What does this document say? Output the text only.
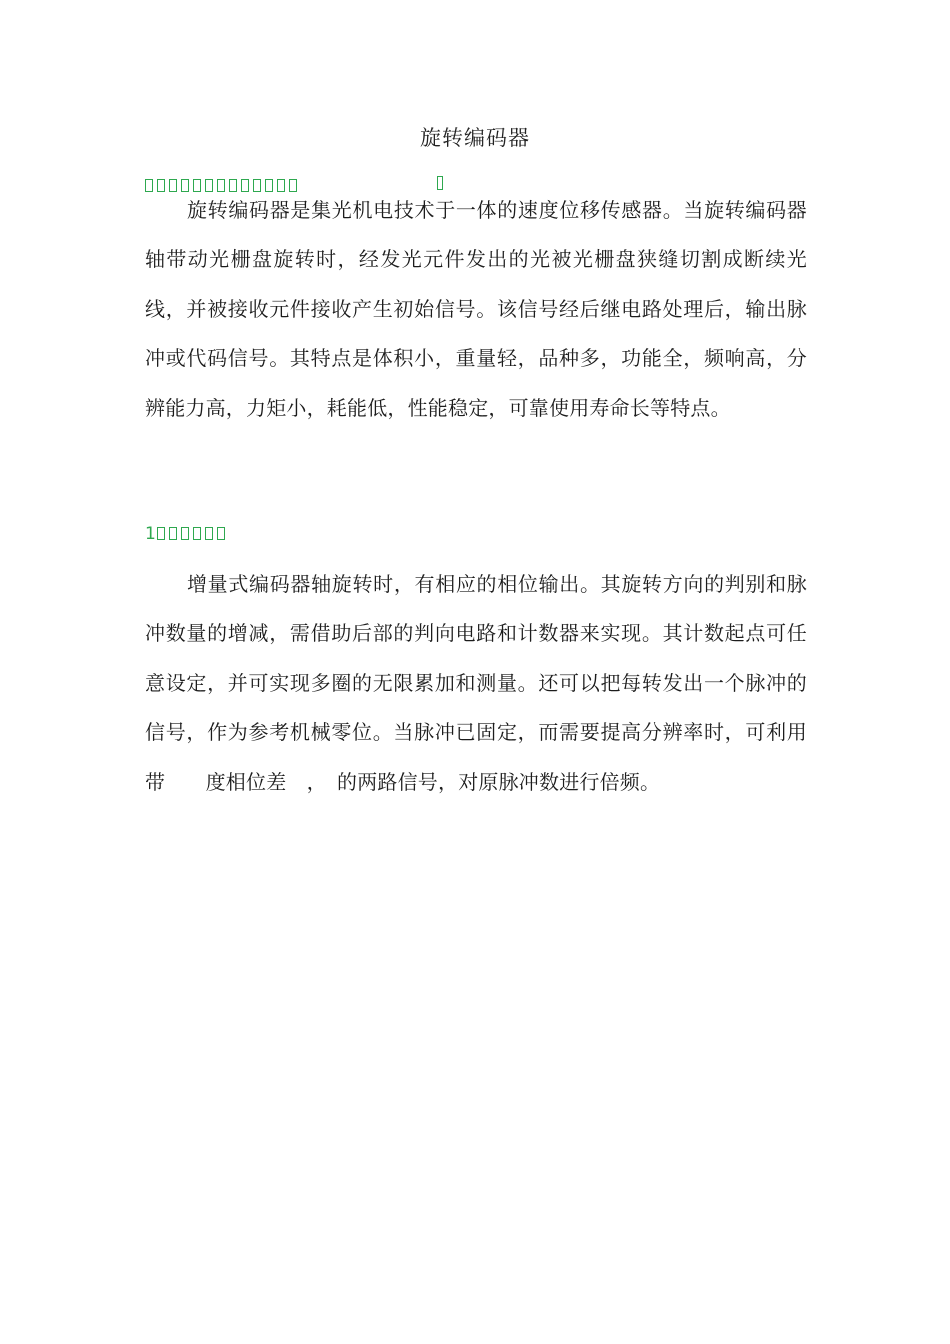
旋转编码器

旋转编码器是集光机电技术于一体的速度位移传感器。当旋转编码器轴带动光栅盘旋转时，经发光元件发出的光被光栅盘狭缝切割成断续光线，并被接收元件接收产生初始信号。该信号经后继电路处理后，输出脉冲或代码信号。其特点是体积小，重量轻，品种多，功能全，频响高，分辨能力高，力矩小，耗能低，性能稳定，可靠使用寿命长等特点。

1

增量式编码器轴旋转时，有相应的相位输出。其旋转方向的判别和脉冲数量的增减，需借助后部的判向电路和计数器来实现。其计数起点可任意设定，并可实现多圈的无限累加和测量。还可以把每转发出一个脉冲的　信号，作为参考机械零位。当脉冲已固定，而需要提高分辨率时，可利用带　　度相位差　，　的两路信号，对原脉冲数进行倍频。
